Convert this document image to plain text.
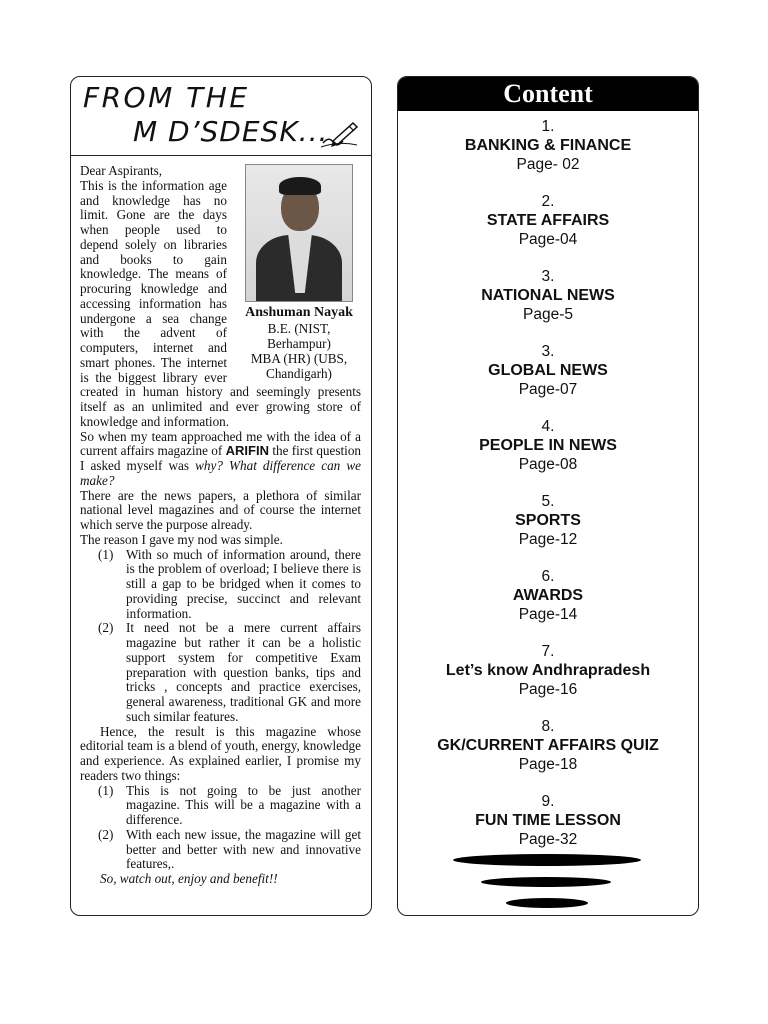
FROM THE
M D’SDESK...
Anshuman Nayak
B.E. (NIST, Berhampur)
MBA (HR) (UBS, Chandigarh)

Dear Aspirants,

This is the information age and knowledge has no limit. Gone are the days when people used to depend solely on libraries and books to gain knowledge. The means of procuring knowledge and accessing information has undergone a sea change with the advent of computers, internet and smart phones. The internet is the biggest library ever created in human history and seemingly presents itself as an unlimited and ever growing store of knowledge and information.

So when my team approached me with the idea of a current affairs magazine of ARIFIN the first question I asked myself was why? What difference can we make?

There are the news papers, a plethora of similar national level magazines and of course the internet which serve the purpose already.

The reason I gave my nod was simple.

(1) With so much of information around, there is the problem of overload; I believe there is still a gap to be bridged when it comes to providing precise, succinct and relevant information.
(2) It need not be a mere current affairs magazine but rather it can be a holistic support system for competitive Exam preparation with question banks, tips and tricks , concepts and practice exercises, general awareness, traditional GK and more such similar features.

Hence, the result is this magazine whose editorial team is a blend of youth, energy, knowledge and experience. As explained earlier, I promise my readers two things:

(1) This is not going to be just another magazine. This will be a magazine with a difference.
(2) With each new issue, the magazine will get better and better with new and innovative features,.

So, watch out, enjoy and benefit!!

Content
1.
BANKING & FINANCE
Page- 02
2.
STATE AFFAIRS
Page-04
3.
NATIONAL NEWS
Page-5
3.
GLOBAL NEWS
Page-07
4.
PEOPLE IN NEWS
Page-08
5.
SPORTS
Page-12
6.
AWARDS
Page-14
7.
Let’s know Andhrapradesh
Page-16
8.
GK/CURRENT AFFAIRS QUIZ
Page-18
9.
FUN TIME LESSON
Page-32
